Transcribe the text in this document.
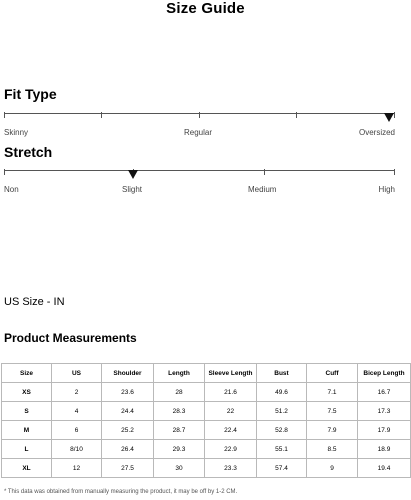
Size Guide
Fit Type
Skinny	Regular	Oversized
Stretch
Non	Slight	Medium	High
US Size - IN
Product Measurements
Size	US	Shoulder	Length	Sleeve Length	Bust	Cuff	Bicep Length
XS	2	23.6	28	21.6	49.6	7.1	16.7
S	4	24.4	28.3	22	51.2	7.5	17.3
M	6	25.2	28.7	22.4	52.8	7.9	17.9
L	8/10	26.4	29.3	22.9	55.1	8.5	18.9
XL	12	27.5	30	23.3	57.4	9	19.4
* This data was obtained from manually measuring the product, it may be off by 1-2 CM.
